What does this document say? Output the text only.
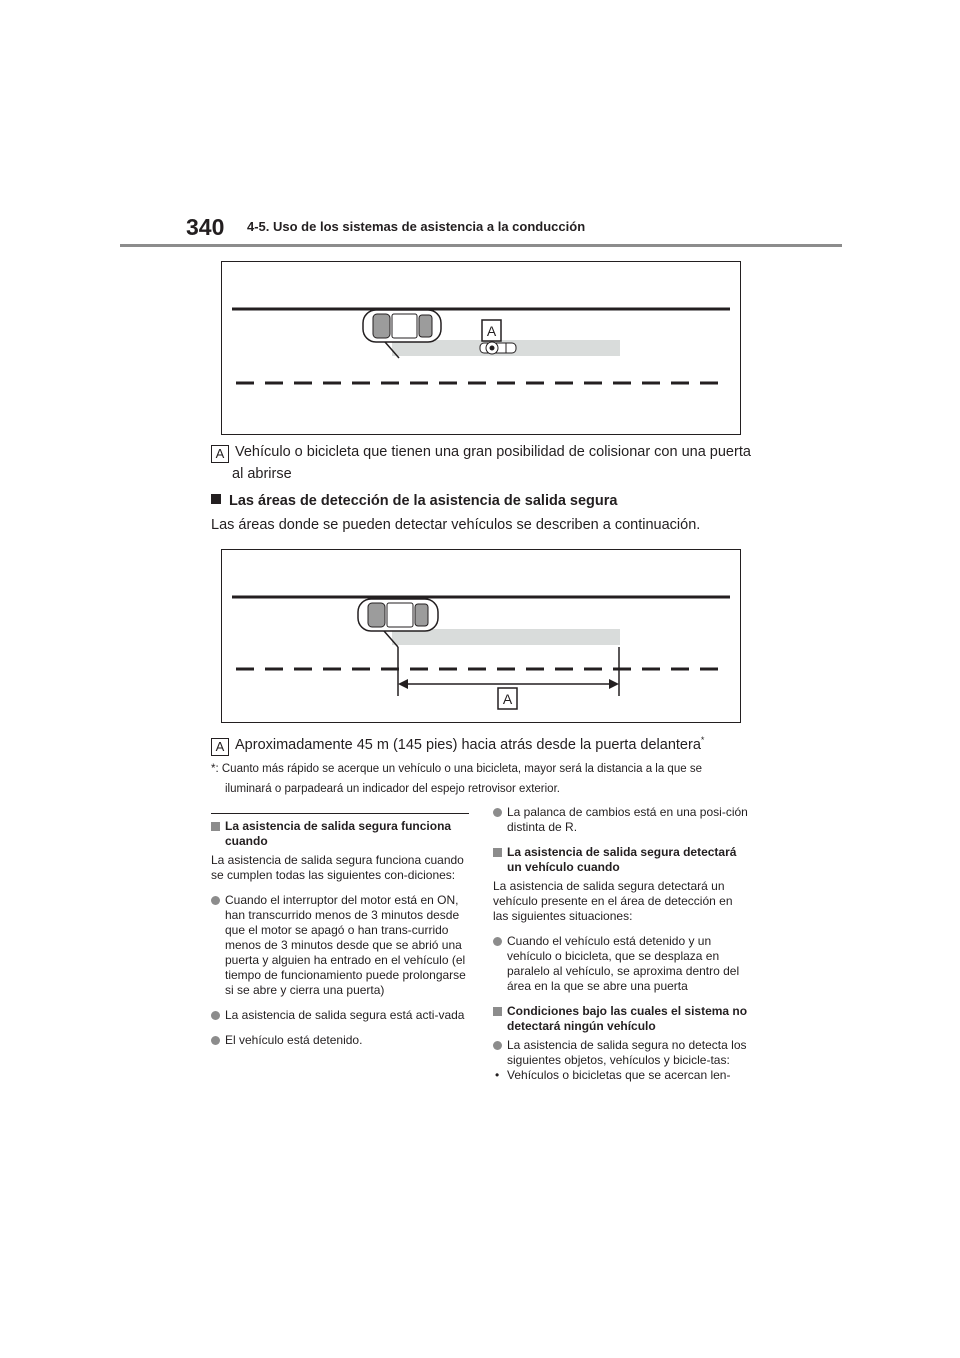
340 4-5. Uso de los sistemas de asistencia a la conducción
A
A Vehículo o bicicleta que tienen una gran posibilidad de colisionar con una puerta
al abrirse
Las áreas de detección de la asistencia de salida segura
Las áreas donde se pueden detectar vehículos se describen a continuación.
A
A Aproximadamente 45 m (145 pies) hacia atrás desde la puerta delantera*
*: Cuanto más rápido se acerque un vehículo o una bicicleta, mayor será la distancia a la que se iluminará o parpadeará un indicador del espejo retrovisor exterior.
La asistencia de salida segura funciona cuando
La asistencia de salida segura funciona cuando se cumplen todas las siguientes con-diciones:
Cuando el interruptor del motor está en ON, han transcurrido menos de 3 minutos desde que el motor se apagó o han trans-currido menos de 3 minutos desde que se abrió una puerta y alguien ha entrado en el vehículo (el tiempo de funcionamiento puede prolongarse si se abre y cierra una puerta)
La asistencia de salida segura está acti-vada
El vehículo está detenido.
La palanca de cambios está en una posi-ción distinta de R.
La asistencia de salida segura detectará un vehículo cuando
La asistencia de salida segura detectará un vehículo presente en el área de detección en las siguientes situaciones:
Cuando el vehículo está detenido y un vehículo o bicicleta, que se desplaza en paralelo al vehículo, se aproxima dentro del área en la que se abre una puerta
Condiciones bajo las cuales el sistema no detectará ningún vehículo
La asistencia de salida segura no detecta los siguientes objetos, vehículos y bicicle-tas:
• Vehículos o bicicletas que se acercan len-
